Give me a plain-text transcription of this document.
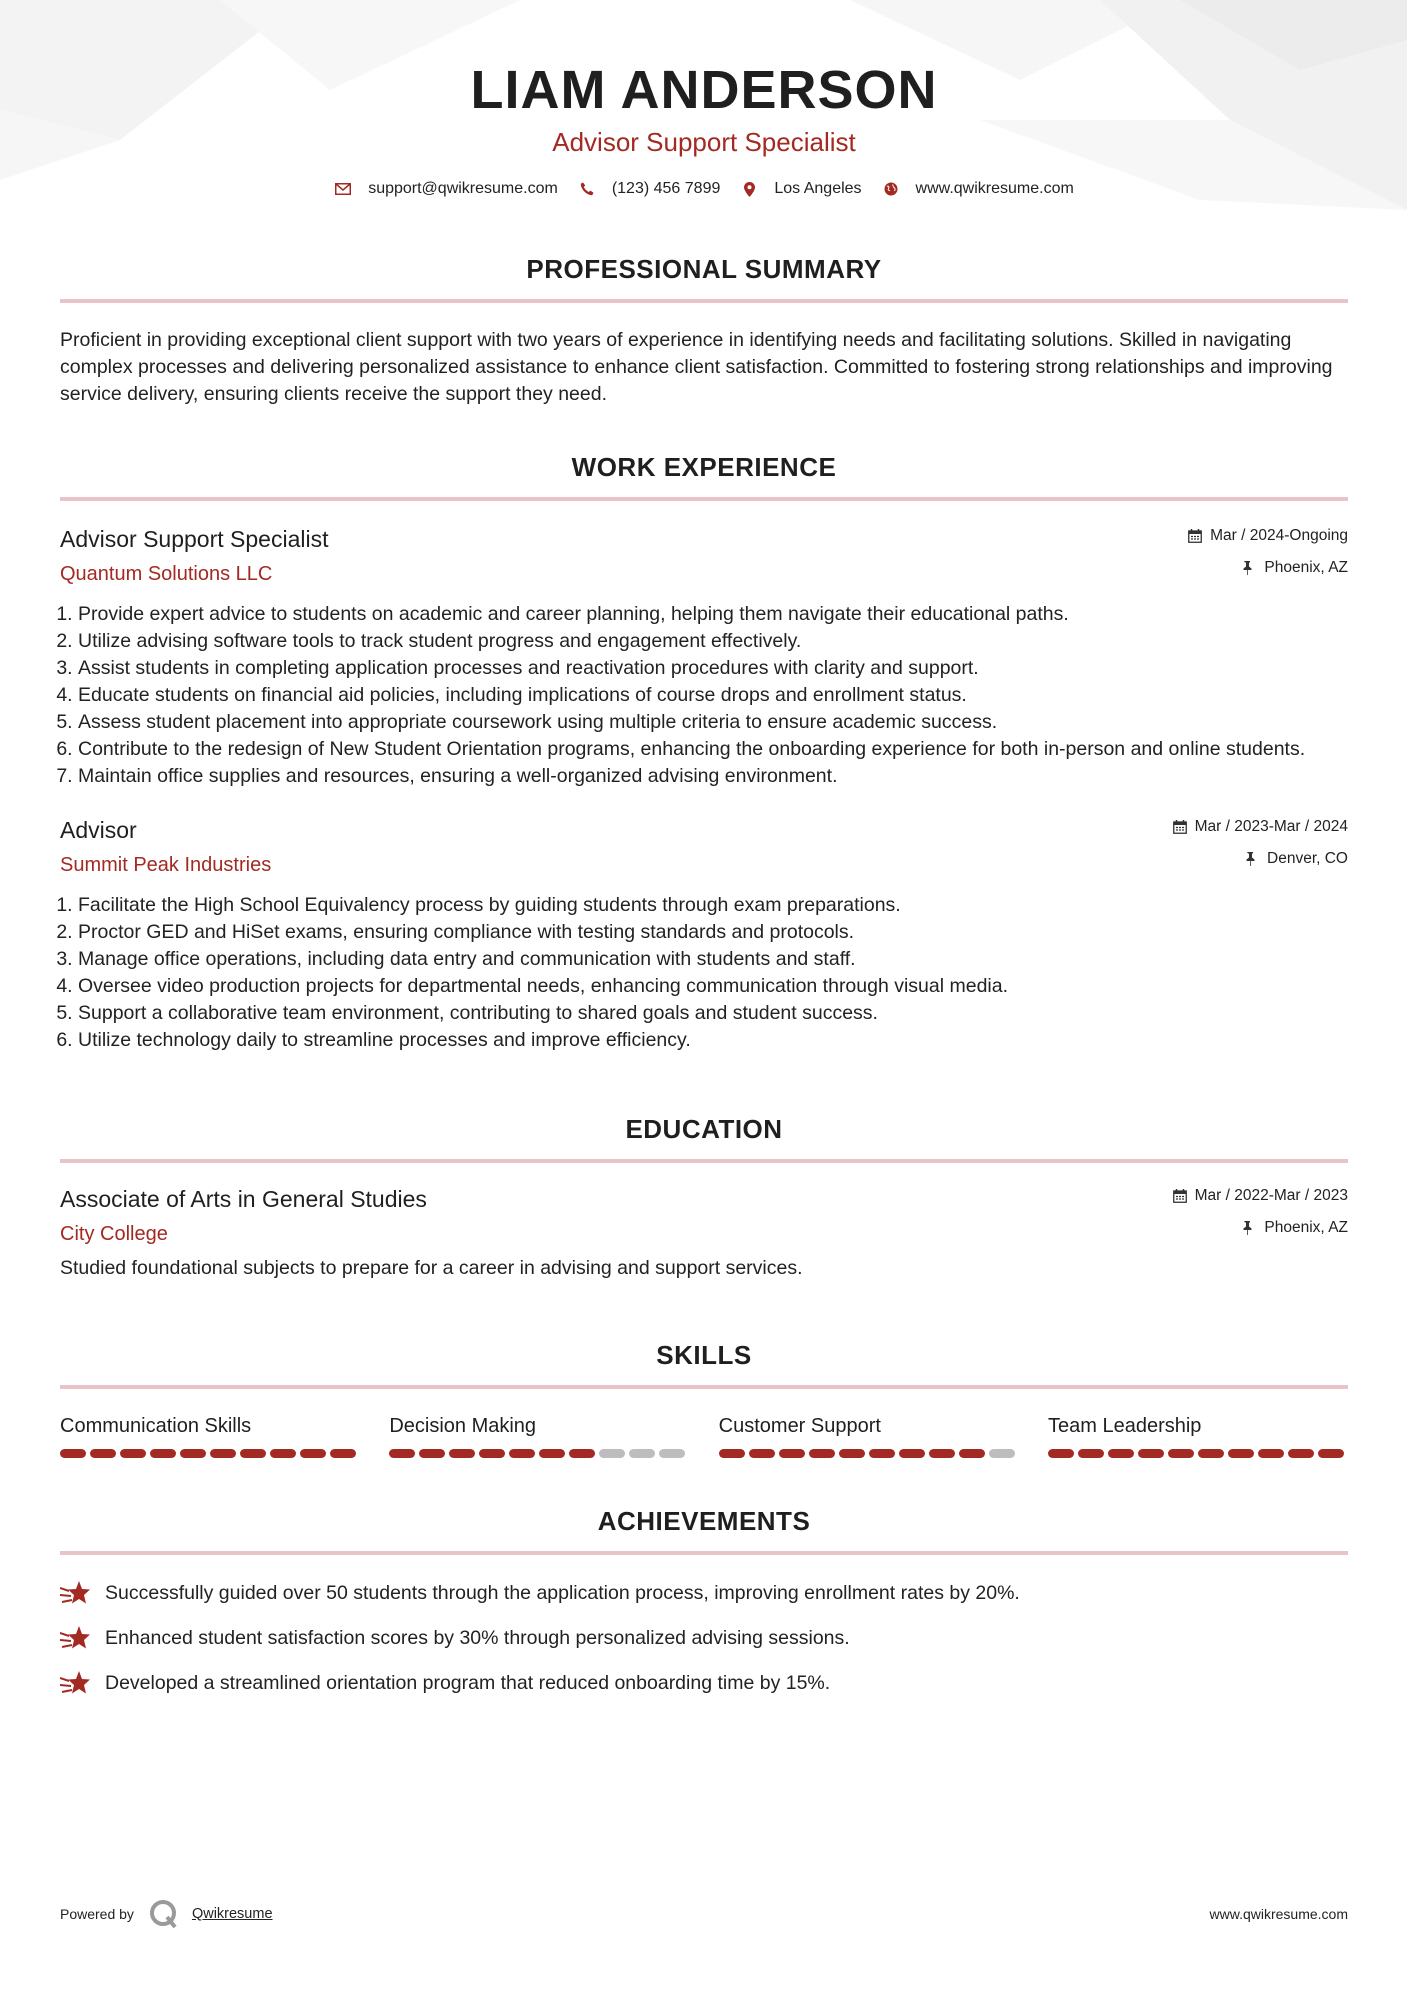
LIAM ANDERSON
Advisor Support Specialist
support@qwikresume.com	(123) 456 7899	Los Angeles	www.qwikresume.com
PROFESSIONAL SUMMARY
Proficient in providing exceptional client support with two years of experience in identifying needs and facilitating solutions. Skilled in navigating complex processes and delivering personalized assistance to enhance client satisfaction. Committed to fostering strong relationships and improving service delivery, ensuring clients receive the support they need.
WORK EXPERIENCE
Advisor Support Specialist
Quantum Solutions LLC
Mar / 2024-Ongoing
Phoenix, AZ
1. Provide expert advice to students on academic and career planning, helping them navigate their educational paths.
2. Utilize advising software tools to track student progress and engagement effectively.
3. Assist students in completing application processes and reactivation procedures with clarity and support.
4. Educate students on financial aid policies, including implications of course drops and enrollment status.
5. Assess student placement into appropriate coursework using multiple criteria to ensure academic success.
6. Contribute to the redesign of New Student Orientation programs, enhancing the onboarding experience for both in-person and online students.
7. Maintain office supplies and resources, ensuring a well-organized advising environment.
Advisor
Summit Peak Industries
Mar / 2023-Mar / 2024
Denver, CO
1. Facilitate the High School Equivalency process by guiding students through exam preparations.
2. Proctor GED and HiSet exams, ensuring compliance with testing standards and protocols.
3. Manage office operations, including data entry and communication with students and staff.
4. Oversee video production projects for departmental needs, enhancing communication through visual media.
5. Support a collaborative team environment, contributing to shared goals and student success.
6. Utilize technology daily to streamline processes and improve efficiency.
EDUCATION
Associate of Arts in General Studies
City College
Mar / 2022-Mar / 2023
Phoenix, AZ
Studied foundational subjects to prepare for a career in advising and support services.
SKILLS
Communication Skills	Decision Making	Customer Support	Team Leadership
ACHIEVEMENTS
Successfully guided over 50 students through the application process, improving enrollment rates by 20%.
Enhanced student satisfaction scores by 30% through personalized advising sessions.
Developed a streamlined orientation program that reduced onboarding time by 15%.
Powered by	Qwikresume	www.qwikresume.com
